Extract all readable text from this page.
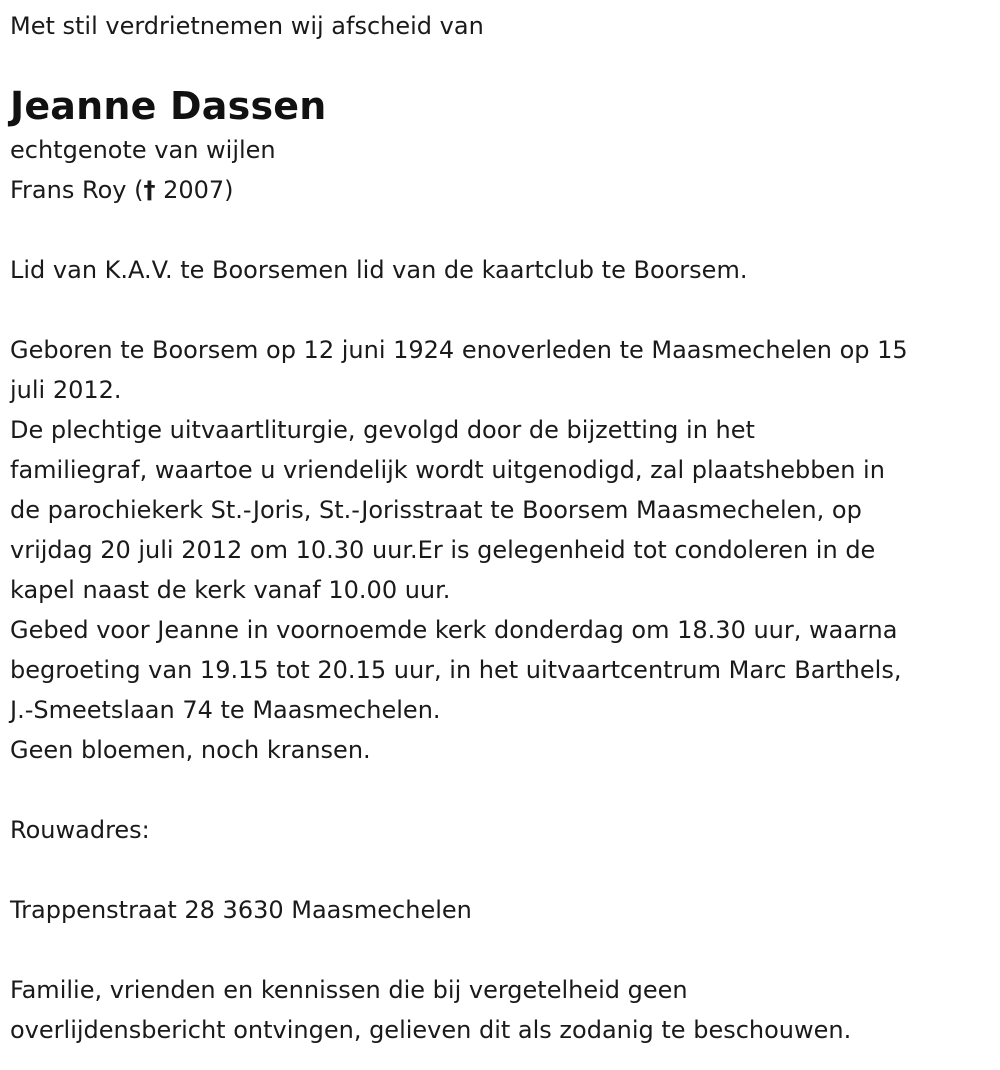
Met stil verdrietnemen wij afscheid van

Jeanne Dassen

echtgenote van wijlen

Frans Roy († 2007)

Lid van K.A.V. te Boorsemen lid van de kaartclub te Boorsem.

Geboren te Boorsem op 12 juni 1924 enoverleden te Maasmechelen op 15

juli 2012.

De plechtige uitvaartliturgie, gevolgd door de bijzetting in het

familiegraf, waartoe u vriendelijk wordt uitgenodigd, zal plaatshebben in

de parochiekerk St.-Joris, St.-Jorisstraat te Boorsem Maasmechelen, op

vrijdag 20 juli 2012 om 10.30 uur.Er is gelegenheid tot condoleren in de

kapel naast de kerk vanaf 10.00 uur.

Gebed voor Jeanne in voornoemde kerk donderdag om 18.30 uur, waarna

begroeting van 19.15 tot 20.15 uur, in het uitvaartcentrum Marc Barthels,

J.-Smeetslaan 74 te Maasmechelen.

Geen bloemen, noch kransen.

Rouwadres:

Trappenstraat 28 3630 Maasmechelen

Familie, vrienden en kennissen die bij vergetelheid geen

overlijdensbericht ontvingen, gelieven dit als zodanig te beschouwen.
